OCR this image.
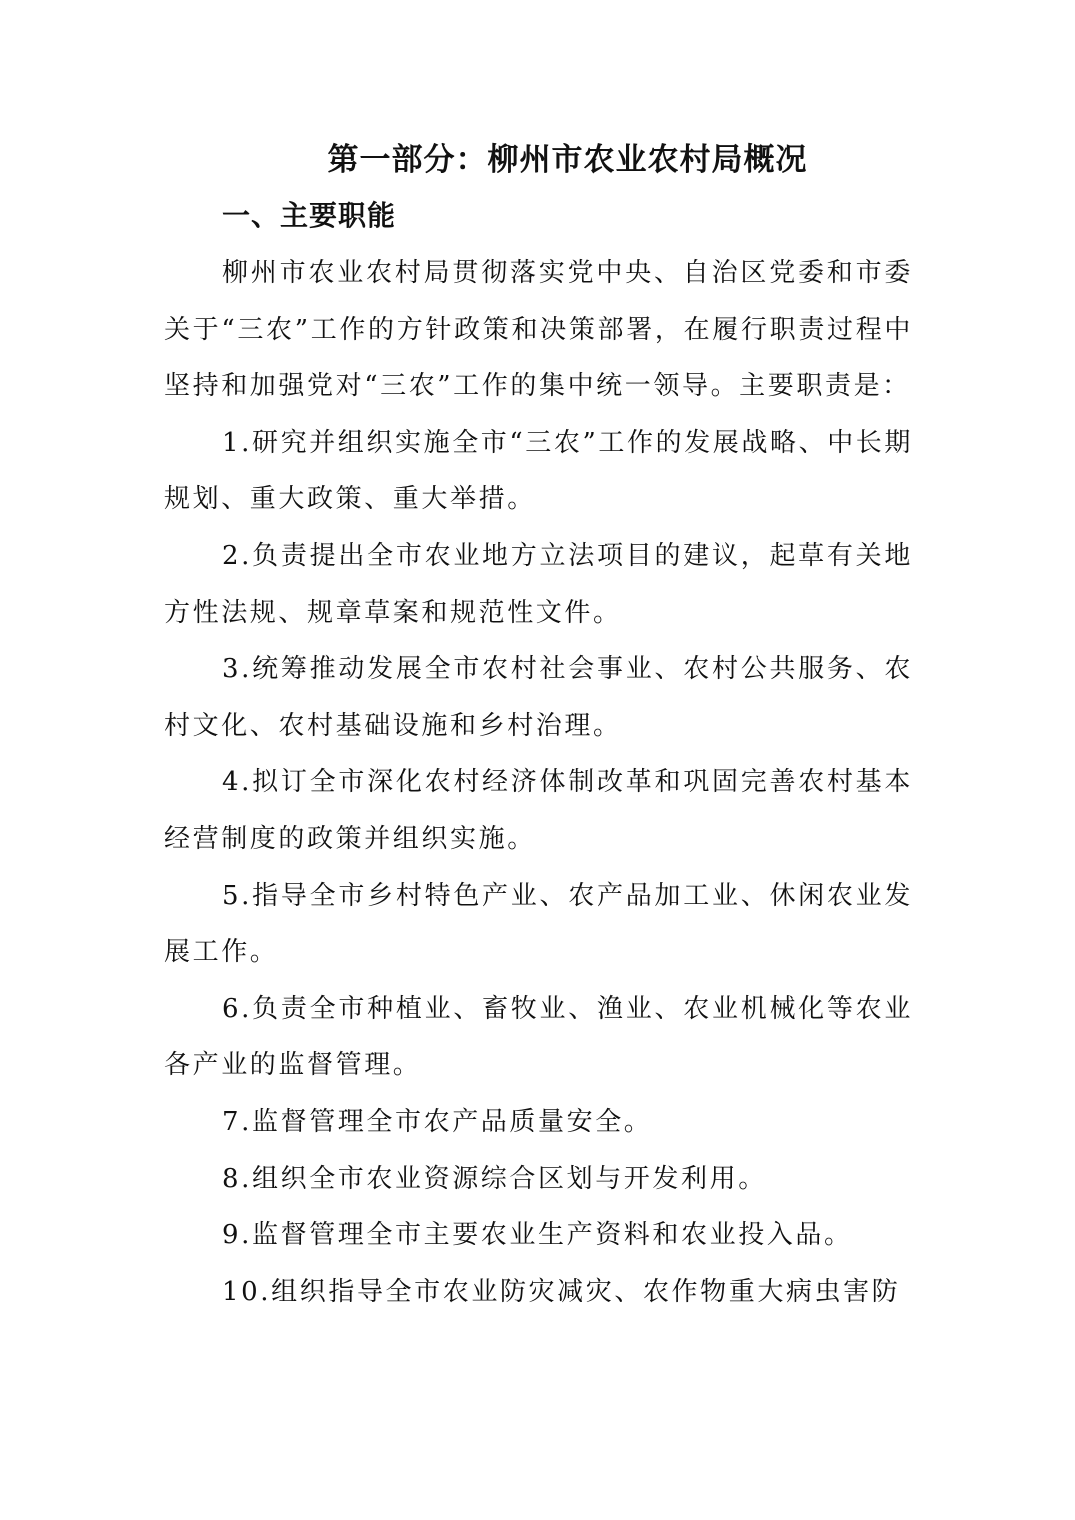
第一部分：柳州市农业农村局概况
一、主要职能

柳州市农业农村局贯彻落实党中央、自治区党委和市委关于“三农”工作的方针政策和决策部署，在履行职责过程中坚持和加强党对“三农”工作的集中统一领导。主要职责是：

1.研究并组织实施全市“三农”工作的发展战略、中长期规划、重大政策、重大举措。

2.负责提出全市农业地方立法项目的建议，起草有关地方性法规、规章草案和规范性文件。

3.统筹推动发展全市农村社会事业、农村公共服务、农村文化、农村基础设施和乡村治理。

4.拟订全市深化农村经济体制改革和巩固完善农村基本经营制度的政策并组织实施。

5.指导全市乡村特色产业、农产品加工业、休闲农业发展工作。

6.负责全市种植业、畜牧业、渔业、农业机械化等农业各产业的监督管理。

7.监督管理全市农产品质量安全。

8.组织全市农业资源综合区划与开发利用。

9.监督管理全市主要农业生产资料和农业投入品。

10.组织指导全市农业防灾减灾、农作物重大病虫害防
